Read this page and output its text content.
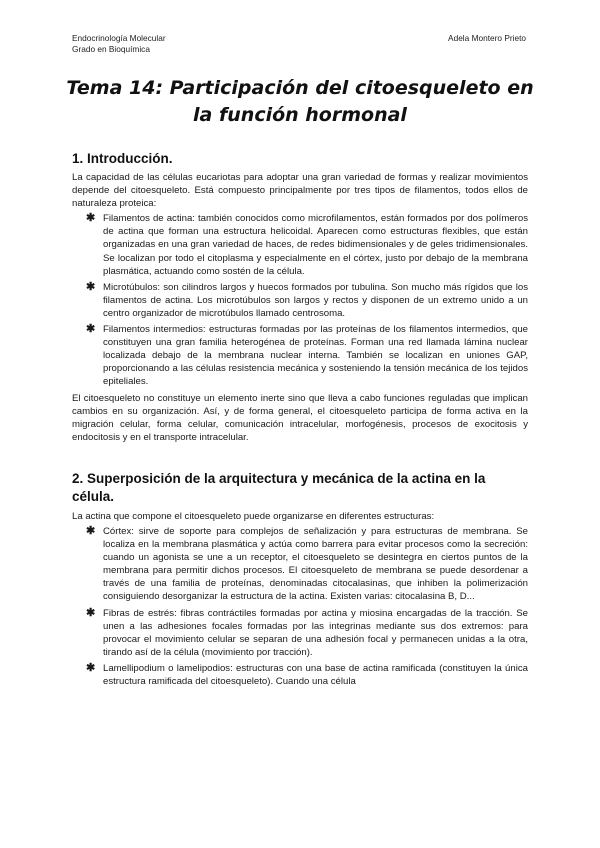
Endocrinología Molecular
Grado en Bioquímica
Adela Montero Prieto
Tema 14: Participación del citoesqueleto en la función hormonal
1. Introducción.

La capacidad de las células eucariotas para adoptar una gran variedad de formas y realizar movimientos depende del citoesqueleto. Está compuesto principalmente por tres tipos de filamentos, todos ellos de naturaleza proteica:

✱ Filamentos de actina: también conocidos como microfilamentos, están formados por dos polímeros de actina que forman una estructura helicoidal. Aparecen como estructuras flexibles, que están organizadas en una gran variedad de haces, de redes bidimensionales y de geles tridimensionales. Se localizan por todo el citoplasma y especialmente en el córtex, justo por debajo de la membrana plasmática, actuando como sostén de la célula.
✱ Microtúbulos: son cilindros largos y huecos formados por tubulina. Son mucho más rígidos que los filamentos de actina. Los microtúbulos son largos y rectos y disponen de un extremo unido a un centro organizador de microtúbulos llamado centrosoma.
✱ Filamentos intermedios: estructuras formadas por las proteínas de los filamentos intermedios, que constituyen una gran familia heterogénea de proteínas. Forman una red llamada lámina nuclear localizada debajo de la membrana nuclear interna. También se localizan en uniones GAP, proporcionando a las células resistencia mecánica y sosteniendo la tensión mecánica de los tejidos epiteliales.

El citoesqueleto no constituye un elemento inerte sino que lleva a cabo funciones reguladas que implican cambios en su organización. Así, y de forma general, el citoesqueleto participa de forma activa en la migración celular, forma celular, comunicación intracelular, morfogénesis, procesos de exocitosis y endocitosis y en el transporte intracelular.

2. Superposición de la arquitectura y mecánica de la actina en la célula.

La actina que compone el citoesqueleto puede organizarse en diferentes estructuras:

✱ Córtex: sirve de soporte para complejos de señalización y para estructuras de membrana. Se localiza en la membrana plasmática y actúa como barrera para evitar procesos como la secreción: cuando un agonista se une a un receptor, el citoesqueleto se desintegra en ciertos puntos de la membrana para permitir dichos procesos. El citoesqueleto de membrana se puede desordenar a través de una familia de proteínas, denominadas citocalasinas, que inhiben la polimerización consiguiendo desorganizar la estructura de la actina. Existen varias: citocalasina B, D...
✱ Fibras de estrés: fibras contráctiles formadas por actina y miosina encargadas de la tracción. Se unen a las adhesiones focales formadas por las integrinas mediante sus dos extremos: para provocar el movimiento celular se separan de una adhesión focal y permanecen unidas a la otra, tirando así de la célula (movimiento por tracción).
✱ Lamellipodium o lamelipodios: estructuras con una base de actina ramificada (constituyen la única estructura ramificada del citoesqueleto). Cuando una célula
